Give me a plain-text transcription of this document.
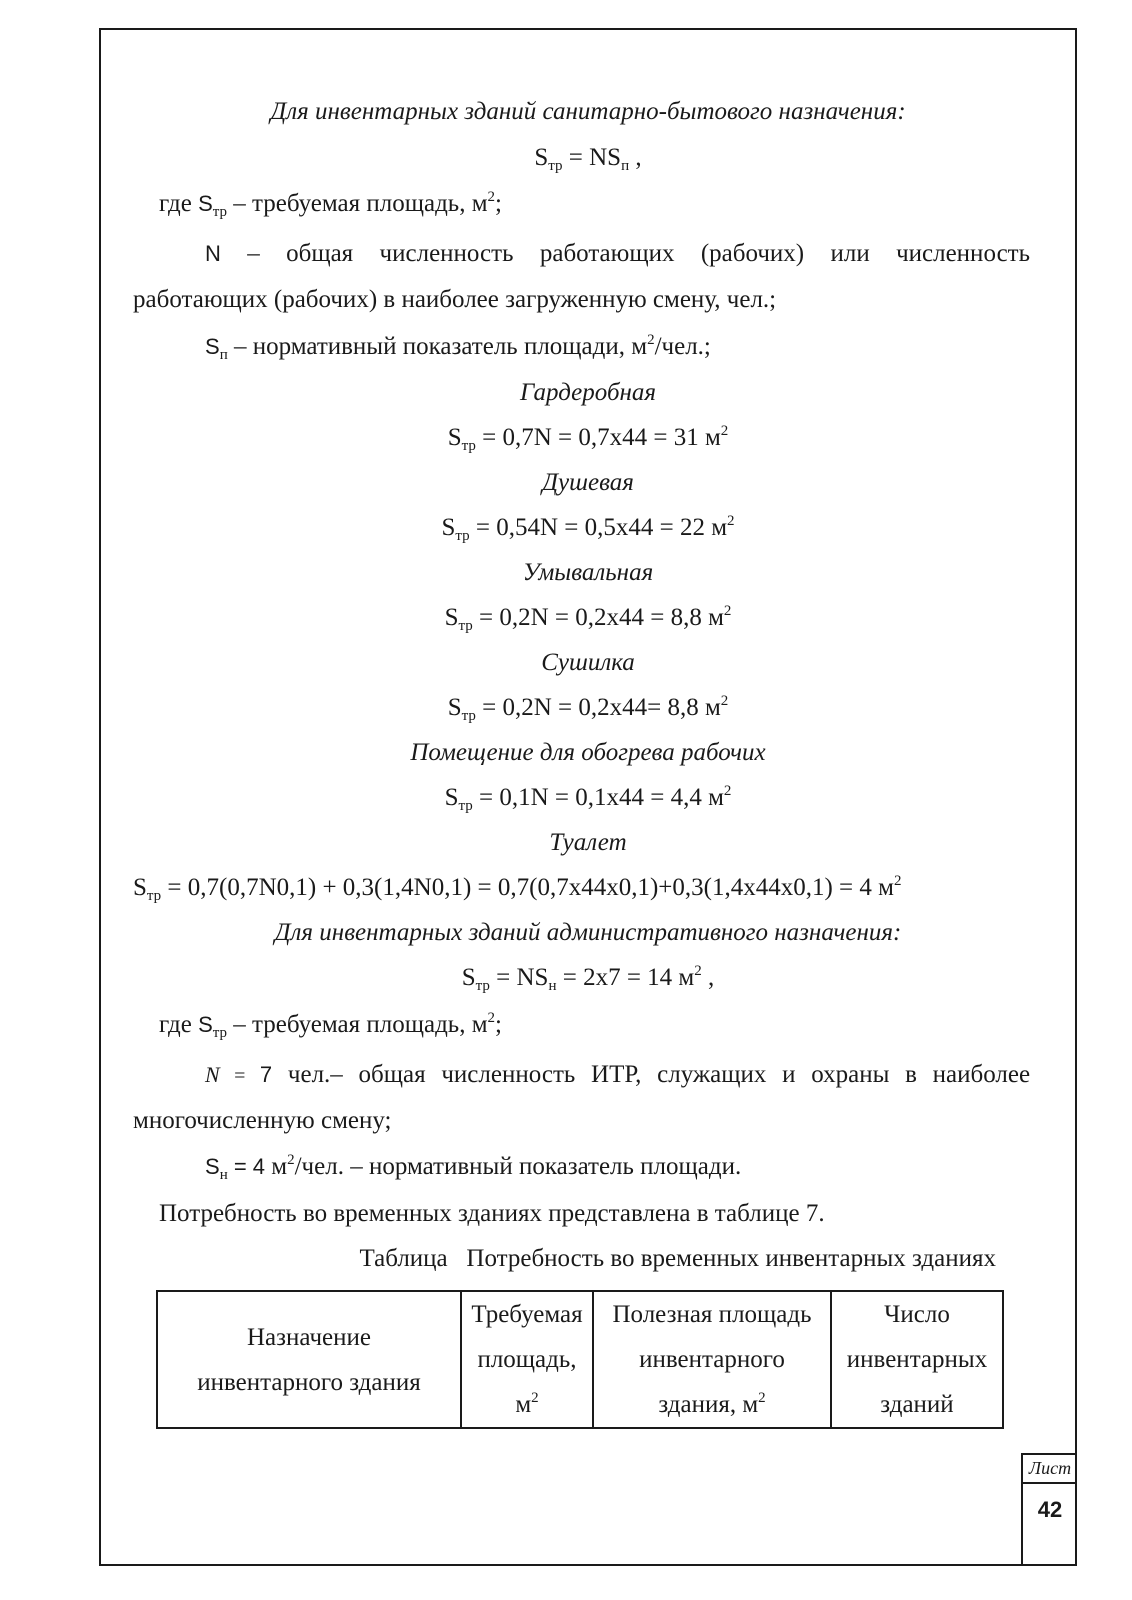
Для инвентарных зданий санитарно-бытового назначения:
$S_{тр} = NS_п$ ,
где $S_{тр}$ – требуемая площадь, $м^2$;
N – общая численность работающих (рабочих) или численность
работающих (рабочих) в наиболее загруженную смену, чел.;
$S_п$ – нормативный показатель площади, $м^2$/чел.;
Гардеробная
$S_{тр} = 0,7N = 0,7х44 = 31$ $м^2$
Душевая
$S_{тр} = 0,54N = 0,5х44 = 22$ $м^2$
Умывальная
$S_{тр} = 0,2N = 0,2х44 = 8,8$ $м^2$
Сушилка
$S_{тр} = 0,2N = 0,2х44= 8,8$ $м^2$
Помещение для обогрева рабочих
$S_{тр} = 0,1N = 0,1х44 = 4,4$ $м^2$
Туалет
$S_{тр} = 0,7(0,7N0,1) + 0,3(1,4N0,1) = 0,7(0,7х44х0,1)+0,3(1,4х44х0,1) = 4$ $м^2$
Для инвентарных зданий административного назначения:
$S_{тр} = NS_н = 2х7 = 14$ $м^2$ ,
где $S_{тр}$ – требуемая площадь, $м^2$;
N = 7 чел.– общая численность ИТР, служащих и охраны в наиболее
многочисленную смену;
$S_н = 4$ $м^2$/чел. – нормативный показатель площади.
Потребность во временных зданиях представлена в таблице 7.
Таблица   Потребность во временных инвентарных зданиях
Назначение
инвентарного здания

Требуемая
площадь,
$м^2$

Полезная площадь
инвентарного
здания, $м^2$

Число
инвентарных
зданий
Лист
42
